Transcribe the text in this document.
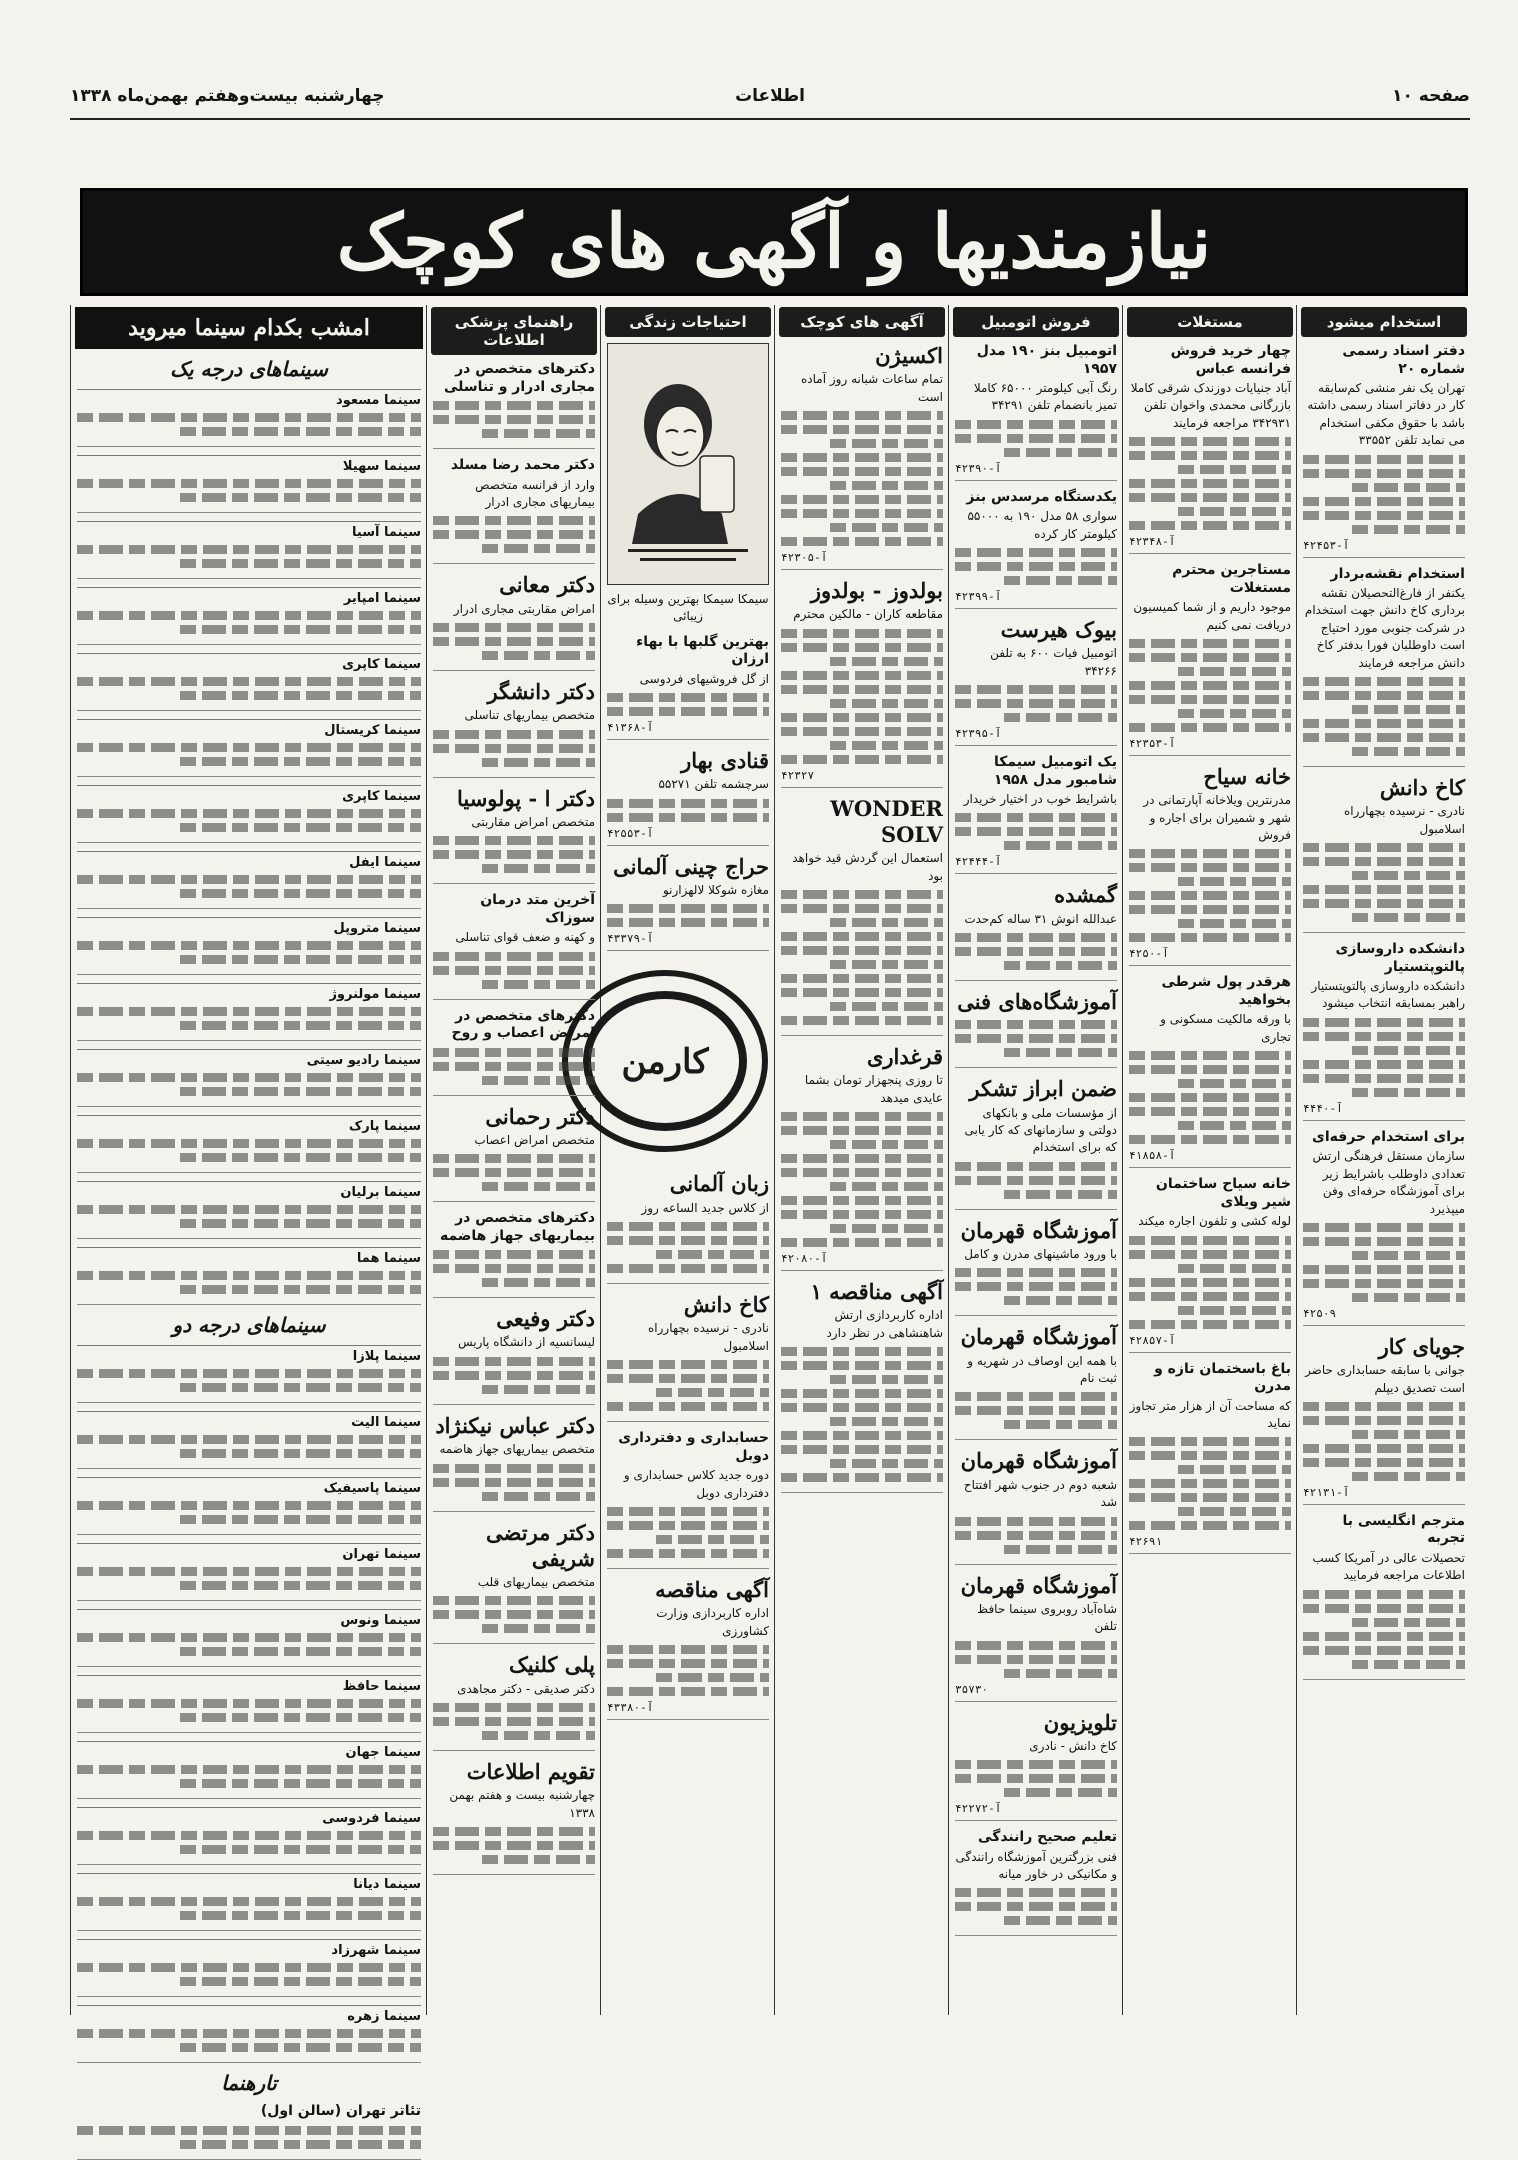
چهارشنبه بیست‌وهفتم بهمن‌ماه ۱۳۳۸	اطلاعات	صفحه ۱۰
نیازمندیها و آگهی های کوچک
استخدام میشود
دفتر اسناد رسمی شماره ۲۰
تهران یک نفر منشی کم‌سابقه کار در دفاتر اسناد رسمی داشته باشد با حقوق مکفی استخدام می نماید تلفن ۳۳۵۵۲
آ-۴۲۴۵۳
استخدام نقشه‌بردار
یکنفر از فارغ‌التحصیلان نقشه برداری کاخ دانش جهت استخدام در شرکت جنوبی مورد احتیاج است داوطلبان فورا بدفتر کاخ دانش مراجعه فرمایند
کاخ دانش
نادری - نرسیده بچهارراه اسلامبول
دانشکده داروسازی پالتوپتستیار
دانشکده داروسازی پالتوپتستیار راهبر بمسابقه انتخاب میشود
آ-۴۴۴۰
برای استخدام حرفه‌ای
سازمان مستقل فرهنگی ارتش تعدادی داوطلب باشرایط زیر برای آموزشگاه حرفه‌ای وفن میپذیرد
۴۲۵۰۹
جویای کار
جوانی با سابقه حسابداری حاضر است تصدیق دیپلم
آ-۴۲۱۳۱
مترجم انگلیسی با تجربه
تحصیلات عالی در آمریکا کسب اطلاعات مراجعه فرمایید
مستغلات
چهار خرید فروش فرانسه عباس
آباد جنیایات دوزندک شرقی کاملا بازرگانی محمدی واخوان تلفن ۳۴۲۹۳۱ مراجعه فرمایند
آ-۴۲۳۴۸
مستاجرین محترم مستغلات
موجود داریم و از شما کمیسیون دریافت نمی کنیم
آ-۴۲۳۵۳
خانه سیاح
مدرنترین ویلاخانه آپارتمانی در شهر و شمیران برای اجاره و فروش
آ-۴۲۵۰
هرقدر پول شرطی بخواهید
با ورقه مالکیت مسکونی و تجاری
آ-۴۱۸۵۸
خانه سیاح ساختمان شیر ویلای
لوله کشی و تلفون اجاره میکند
آ-۴۲۸۵۷
باغ باسختمان تازه و مدرن
که مساحت آن از هزار متر تجاوز نماید
۴۲۶۹۱
فروش اتومبیل
اتومبیل بنز ۱۹۰ مدل ۱۹۵۷
رنگ آبی کیلومتر ۶۵۰۰۰ کاملا تمیز بانضمام تلفن ۳۴۲۹۱
آ-۴۲۳۹۰
یکدستگاه مرسدس بنز
سواری ۵۸ مدل ۱۹۰ به ۵۵۰۰۰ کیلومتر کار کرده
آ-۴۲۳۹۹
بیوک هیرست
اتومبیل فیات ۶۰۰ به تلفن ۳۴۲۶۶
آ-۴۲۳۹۵
یک اتومبیل سیمکا شامبور مدل ۱۹۵۸
باشرایط خوب در اختیار خریدار
آ-۴۲۴۴۴
گمشده
عبدالله انوش ۳۱ ساله کم‌حدت
آموزشگاه‌های فنی
ضمن ابراز تشکر
از مؤسسات ملی و بانکهای دولتی و سازمانهای که کار یابی که برای استخدام
آموزشگاه قهرمان
با ورود ماشینهای مدرن و کامل
آموزشگاه قهرمان
با همه این اوصاف در شهریه و ثبت نام
آموزشگاه قهرمان
شعبه دوم در جنوب شهر افتتاح شد
آموزشگاه قهرمان
شاه‌آباد روبروی سینما حافظ تلفن
۳۵۷۳۰
تلویزیون
کاخ دانش - نادری
آ-۴۲۲۷۲
تعلیم صحیح رانندگی
فنی بزرگترین آموزشگاه رانندگی و مکانیکی در خاور میانه
آگهی های کوچک
اکسیژن
تمام ساعات شبانه روز آماده است
آ-۴۲۳۰۵
بولدوز - بولدوز
مقاطعه کاران - مالکین محترم
۴۲۳۲۷
WONDER SOLV
استعمال این گردش قید خواهد بود
قرغداری
تا روزی پنجهزار تومان بشما عایدی میدهد
آ-۴۲۰۸۰
آگهی مناقصه ۱
اداره کاربردازی ارتش شاهنشاهی در نظر دارد
احتیاجات زندگی
سیمکا سیمکا بهترین وسیله برای زیبائی
بهترین گلبها با بهاء ارزان
از گل فروشیهای فردوسی
آ-۴۱۳۶۸
قنادی بهار
سرچشمه تلفن ۵۵۲۷۱
آ-۴۲۵۵۳
حراج چینی آلمانی
مغازه شوکلا لالهزارنو
آ-۴۳۳۷۹
کارمن
زبان آلمانی
از کلاس جدید الساعه روز
کاخ دانش
نادری - نرسیده بچهارراه اسلامبول
حسابداری و دفترداری دوبل
دوره جدید کلاس حسابداری و دفترداری دوبل
آگهی مناقصه
اداره کاربردازی وزارت کشاورزی
آ-۴۳۳۸۰
راهنمای پزشکی اطلاعات
دکترهای متخصص در مجاری ادرار و تناسلی
دکتر محمد رضا مسلد
وارد از فرانسه متخصص بیماریهای مجاری ادرار
دکتر معانی
امراض مقاربتی مجاری ادرار
دکتر دانشگر
متخصص بیماریهای تناسلی
دکتر ا - پولوسیا
متخصص امراض مقاربتی
آخرین متد درمان سوزاک
و کهنه و ضعف قوای تناسلی
دکترهای متخصص در امراض اعصاب و روح
دکتر رحمانی
متخصص امراض اعصاب
دکترهای متخصص در بیماریهای جهاز هاضمه
دکتر وفیعی
لیسانسیه از دانشگاه پاریس
دکتر عباس نیکنژاد
متخصص بیماریهای جهاز هاضمه
دکتر مرتضی شریفی
متخصص بیماریهای قلب
پلی کلنیک
دکتر صدیقی - دکتر مجاهدی
تقویم اطلاعات
چهارشنبه بیست و هفتم بهمن ۱۳۳۸
امشب بکدام سینما میروید
سینماهای درجه یک
سینما مسعود
سینما سهیلا
سینما آسیا
سینما امپایر
سینما کاپری
سینما کریستال
سینما کاپری
سینما ایفل
سینما متروپل
سینما مولنروژ
سینما رادیو سیتی
سینما پارک
سینما برلیان
سینما هما
سینماهای درجه دو
سینما پلازا
سینما الیت
سینما پاسیفیک
سینما تهران
سینما ونوس
سینما حافظ
سینما جهان
سینما فردوسی
سینما دیانا
سینما شهرزاد
سینما زهره
تارهنما
تئاتر تهران (سالن اول)
